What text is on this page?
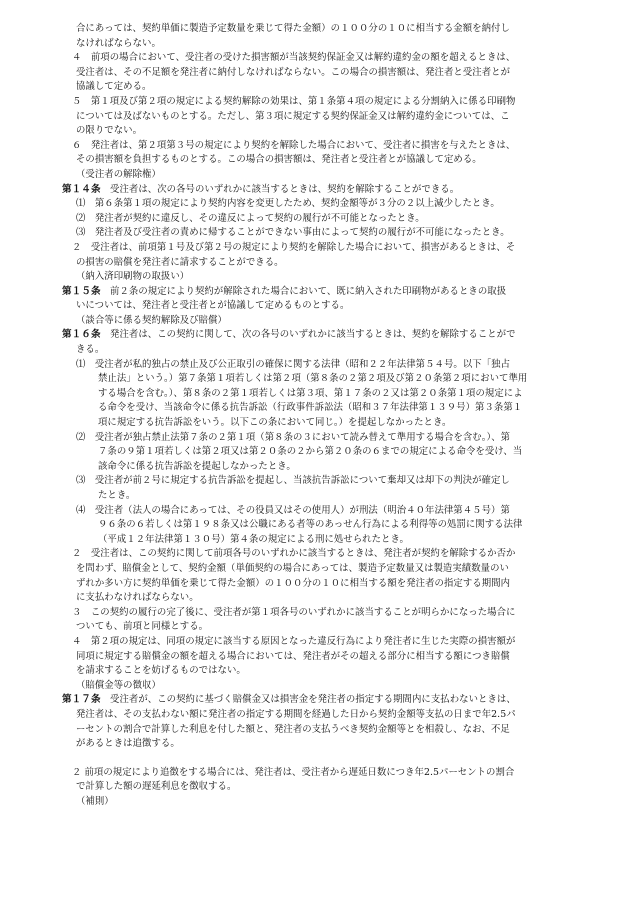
合にあっては、契約単価に製造予定数量を乗じて得た金額）の１００分の１０に相当する金額を納付し
なければならない。
４　前項の場合において、受注者の受けた損害額が当該契約保証金又は解約違約金の額を超えるときは、
受注者は、その不足額を発注者に納付しなければならない。この場合の損害額は、発注者と受注者とが
協議して定める。
５　第１項及び第２項の規定による契約解除の効果は、第１条第４項の規定による分割納入に係る印刷物
については及ばないものとする。ただし、第３項に規定する契約保証金又は解約違約金については、こ
の限りでない。
６　発注者は、第２項第３号の規定により契約を解除した場合において、受注者に損害を与えたときは、
その損害額を負担するものとする。この場合の損害額は、発注者と受注者とが協議して定める。
（受注者の解除権）
第１４条　受注者は、次の各号のいずれかに該当するときは、契約を解除することができる。
⑴　第６条第１項の規定により契約内容を変更したため、契約金額等が３分の２以上減少したとき。
⑵　発注者が契約に違反し、その違反によって契約の履行が不可能となったとき。
⑶　発注者及び受注者の責めに帰することができない事由によって契約の履行が不可能になったとき。
２　受注者は、前項第１号及び第２号の規定により契約を解除した場合において、損害があるときは、そ
の損害の賠償を発注者に請求することができる。
（納入済印刷物の取扱い）
第１５条　前２条の規定により契約が解除された場合において、既に納入された印刷物があるときの取扱
いについては、発注者と受注者とが協議して定めるものとする。
（談合等に係る契約解除及び賠償）
第１６条　発注者は、この契約に関して、次の各号のいずれかに該当するときは、契約を解除することがで
きる。
⑴　受注者が私的独占の禁止及び公正取引の確保に関する法律（昭和２２年法律第５４号。以下「独占
禁止法」という。）第７条第１項若しくは第２項（第８条の２第２項及び第２０条第２項において準用
する場合を含む。）、第８条の２第１項若しくは第３項、第１７条の２又は第２０条第１項の規定によ
る命令を受け、当該命令に係る抗告訴訟（行政事件訴訟法（昭和３７年法律第１３９号）第３条第１
項に規定する抗告訴訟をいう。以下この条において同じ。）を提起しなかったとき。
⑵　受注者が独占禁止法第７条の２第１項（第８条の３において読み替えて準用する場合を含む。）、第
７条の９第１項若しくは第２項又は第２０条の２から第２０条の６までの規定による命令を受け、当
該命令に係る抗告訴訟を提起しなかったとき。
⑶　受注者が前２号に規定する抗告訴訟を提起し、当該抗告訴訟について棄却又は却下の判決が確定し
たとき。
⑷　受注者（法人の場合にあっては、その役員又はその使用人）が刑法（明治４０年法律第４５号）第
９６条の６若しくは第１９８条又は公職にある者等のあっせん行為による利得等の処罰に関する法律
（平成１２年法律第１３０号）第４条の規定による刑に処せられたとき。
２　受注者は、この契約に関して前項各号のいずれかに該当するときは、発注者が契約を解除するか否か
を問わず、賠償金として、契約金額（単価契約の場合にあっては、製造予定数量又は製造実績数量のい
ずれか多い方に契約単価を乗じて得た金額）の１００分の１０に相当する額を発注者の指定する期間内
に支払わなければならない。
３　この契約の履行の完了後に、受注者が第１項各号のいずれかに該当することが明らかになった場合に
ついても、前項と同様とする。
４　第２項の規定は、同項の規定に該当する原因となった違反行為により発注者に生じた実際の損害額が
同項に規定する賠償金の額を超える場合においては、発注者がその超える部分に相当する額につき賠償
を請求することを妨げるものではない。
（賠償金等の徴収）
第１７条　受注者が、この契約に基づく賠償金又は損害金を発注者の指定する期間内に支払わないときは、
発注者は、その支払わない額に発注者の指定する期間を経過した日から契約金額等支払の日まで年2.5パ
ーセントの割合で計算した利息を付した額と、発注者の支払うべき契約金額等とを相殺し、なお、不足
があるときは追徴する。
２ 前項の規定により追徴をする場合には、発注者は、受注者から遅延日数につき年2.5パーセントの割合
で計算した額の遅延利息を徴収する。
（補則）
